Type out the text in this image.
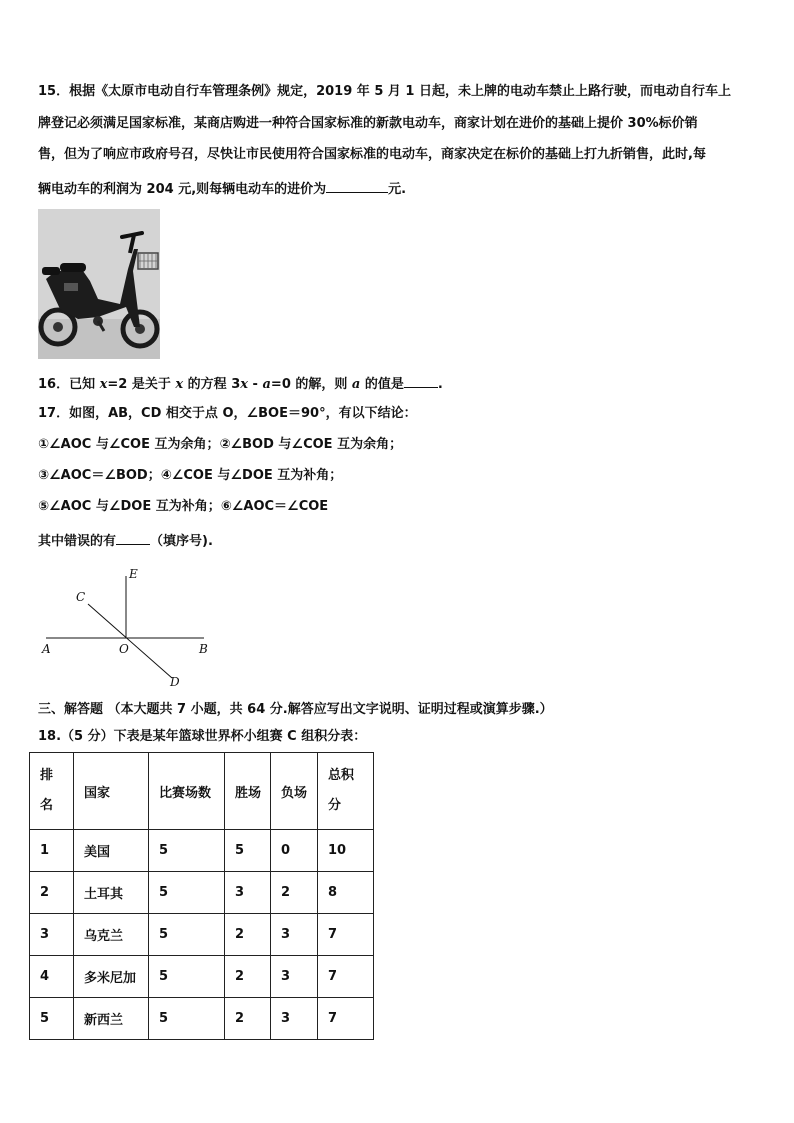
15．根据《太原市电动自行车管理条例》规定，2019 年 5 月 1 日起，未上牌的电动车禁止上路行驶，而电动自行车上
牌登记必须满足国家标准，某商店购进一种符合国家标准的新款电动车，商家计划在进价的基础上提价 30%标价销
售，但为了响应市政府号召，尽快让市民使用符合国家标准的电动车，商家决定在标价的基础上打九折销售，此时,每
辆电动车的利润为 204 元,则每辆电动车的进价为	元.
16．已知 x=2 是关于 x 的方程 3x - a=0 的解，则 a 的值是	.
17．如图，AB，CD 相交于点 O，∠BOE＝90°，有以下结论：
①∠AOC 与∠COE 互为余角；②∠BOD 与∠COE 互为余角；
③∠AOC＝∠BOD；④∠COE 与∠DOE 互为补角；
⑤∠AOC 与∠DOE 互为补角；⑥∠AOC＝∠COE
其中错误的有	（填序号).
E
C
A	O	B
D
三、解答题 （本大题共 7 小题，共 64 分.解答应写出文字说明、证明过程或演算步骤.）
18.（5 分）下表是某年篮球世界杯小组赛 C 组积分表：
排
名	国家	比赛场数	胜场	负场	总积
分
1	美国	5	5	0	10
2	土耳其	5	3	2	8
3	乌克兰	5	2	3	7
4	多米尼加	5	2	3	7
5	新西兰	5	2	3	7
